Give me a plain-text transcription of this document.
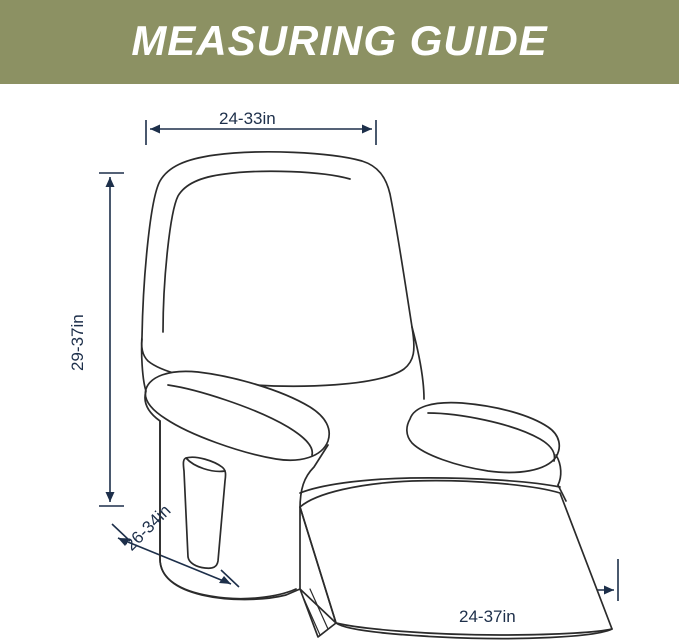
MEASURING GUIDE
24-33in
29-37in
26-34in
24-37in
